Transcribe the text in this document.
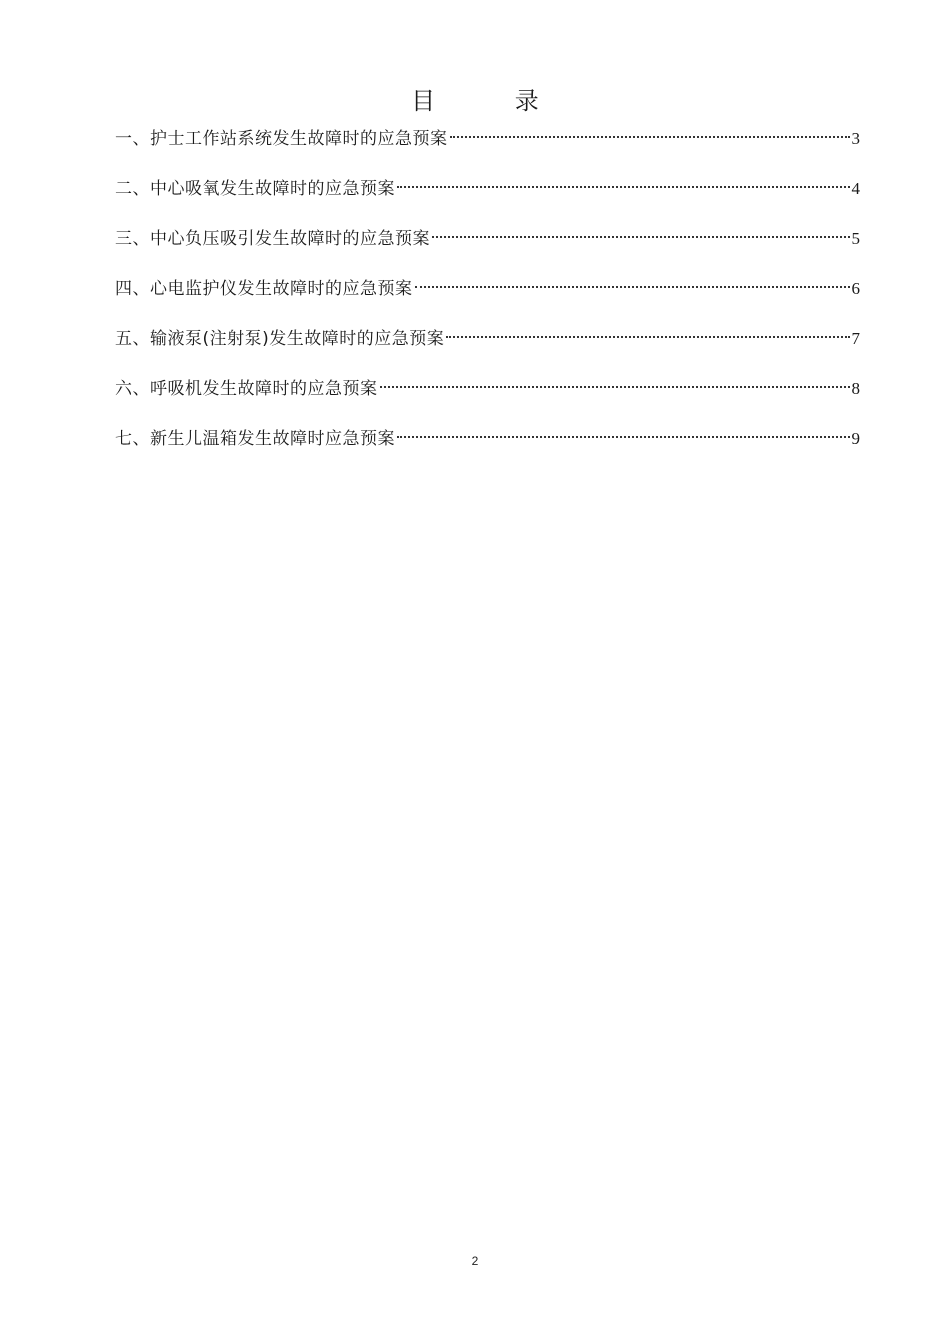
目 录
一、护士工作站系统发生故障时的应急预案	3
二、中心吸氧发生故障时的应急预案	4
三、中心负压吸引发生故障时的应急预案	5
四、心电监护仪发生故障时的应急预案	6
五、输液泵(注射泵)发生故障时的应急预案	7
六、呼吸机发生故障时的应急预案	8
七、新生儿温箱发生故障时应急预案	9
2
